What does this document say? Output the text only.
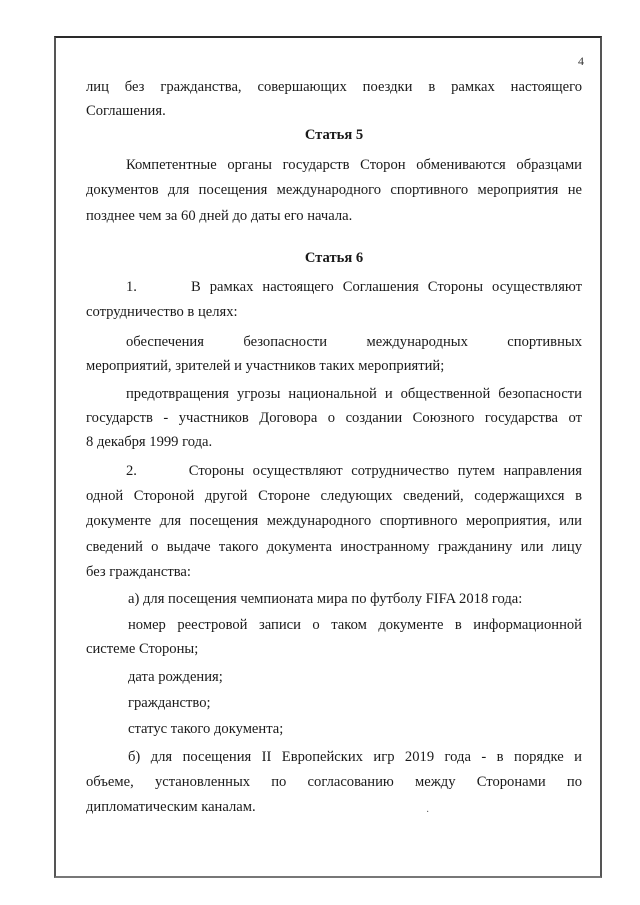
4
лиц без гражданства, совершающих поездки в рамках настоящего
Соглашения.
Статья 5
Компетентные органы государств Сторон обмениваются образцами
документов для посещения международного спортивного мероприятия не
позднее чем за 60 дней до даты его начала.
Статья 6
1.      В рамках настоящего Соглашения Стороны осуществляют
сотрудничество в целях:
обеспечения безопасности международных спортивных
мероприятий, зрителей и участников таких мероприятий;
предотвращения угрозы национальной и общественной безопасности
государств - участников Договора о создании Союзного государства от
8 декабря 1999 года.
2.      Стороны осуществляют сотрудничество путем направления
одной Стороной другой Стороне следующих сведений, содержащихся в
документе для посещения международного спортивного мероприятия, или
сведений о выдаче такого документа иностранному гражданину или лицу
без гражданства:
а) для посещения чемпионата мира по футболу FIFA 2018 года:
номер реестровой записи о таком документе в информационной
системе Стороны;
дата рождения;
гражданство;
статус такого документа;
б) для посещения II Европейских игр 2019 года - в порядке и
объеме, установленных по согласованию между Сторонами по
дипломатическим каналам.	·
